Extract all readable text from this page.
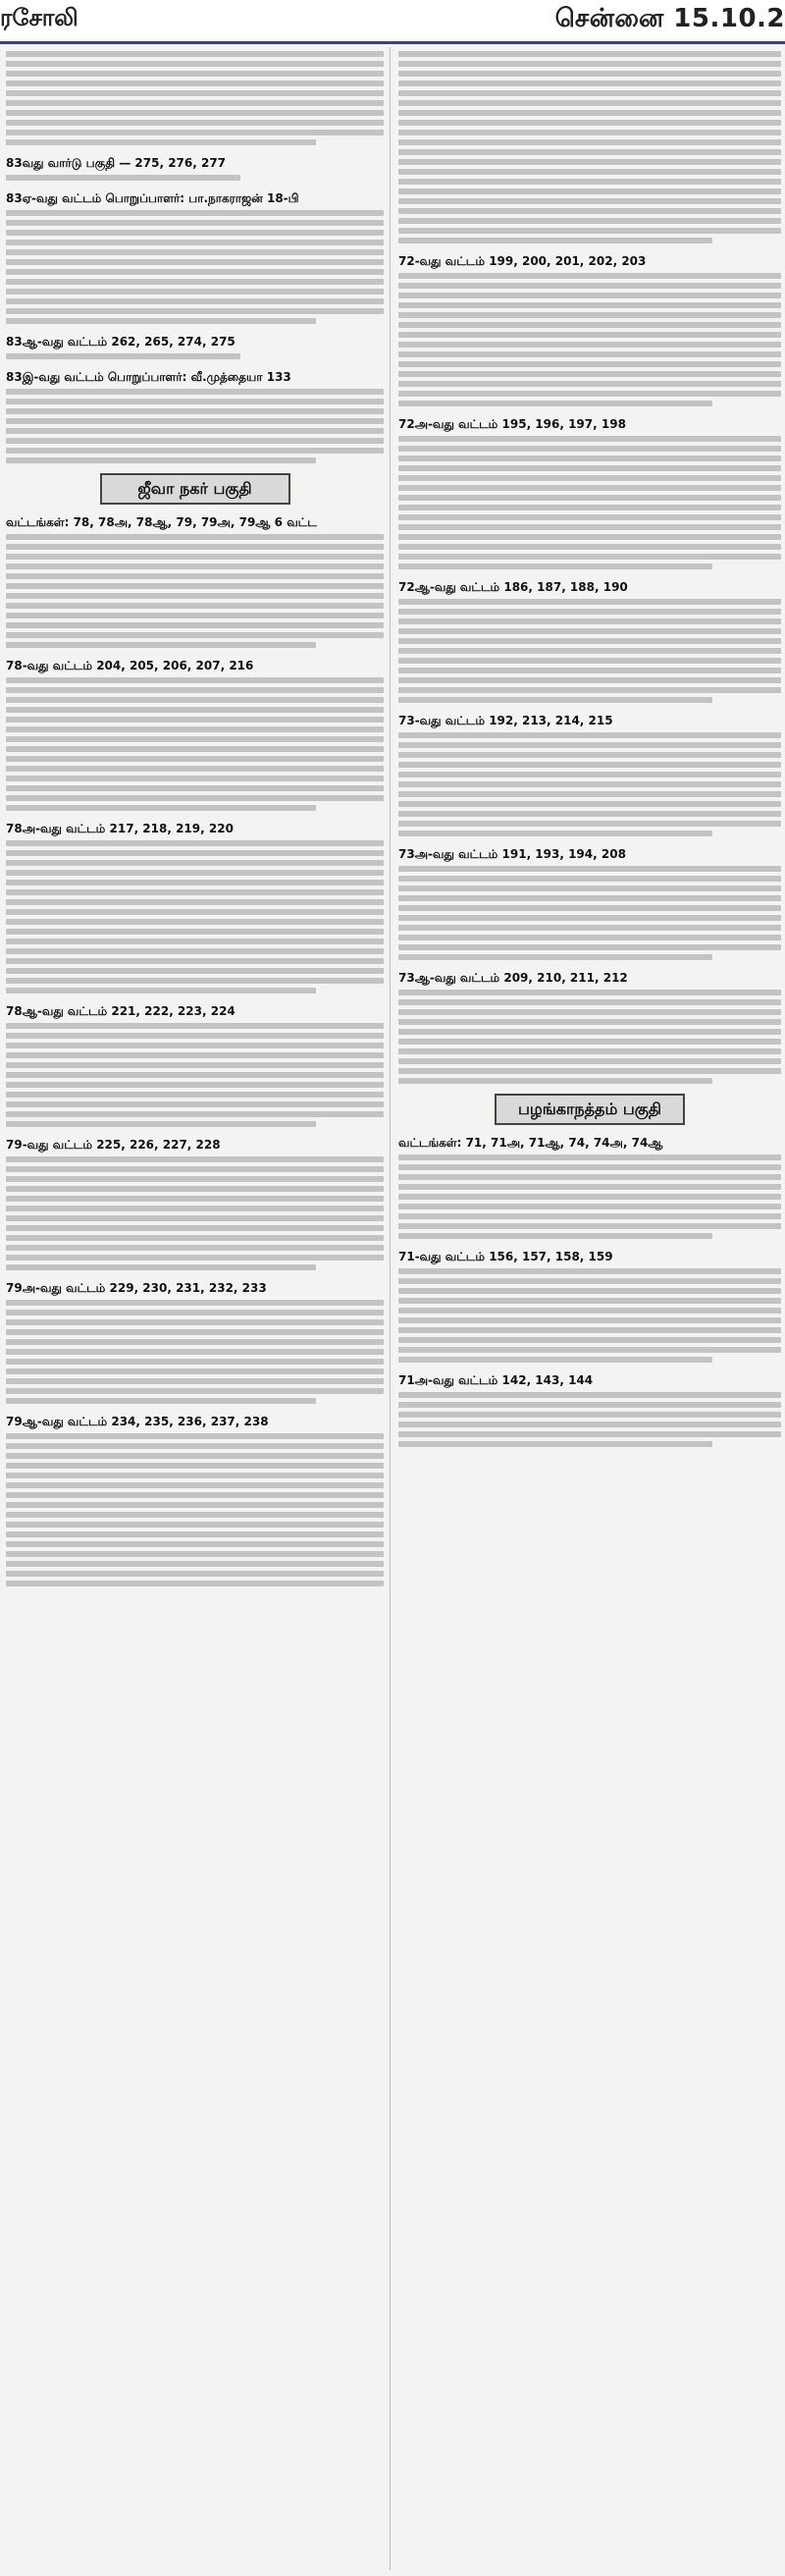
ரசோலி	சென்னை 15.10.2
83வது வார்டு பகுதி — 275, 276, 277
83ஏ-வது வட்டம் பொறுப்பாளர்: பா.நாகராஜன் 18-பி
83ஆ-வது வட்டம் 262, 265, 274, 275
83இ-வது வட்டம் பொறுப்பாளர்: வீ.முத்தையா 133
ஜீவா நகர் பகுதி
வட்டங்கள்: 78, 78அ, 78ஆ, 79, 79அ, 79ஆ 6 வட்ட
78-வது வட்டம் 204, 205, 206, 207, 216
78அ-வது வட்டம் 217, 218, 219, 220
78ஆ-வது வட்டம் 221, 222, 223, 224
79-வது வட்டம் 225, 226, 227, 228
79அ-வது வட்டம் 229, 230, 231, 232, 233
79ஆ-வது வட்டம் 234, 235, 236, 237, 238
72-வது வட்டம் 199, 200, 201, 202, 203
72அ-வது வட்டம் 195, 196, 197, 198
72ஆ-வது வட்டம் 186, 187, 188, 190
73-வது வட்டம் 192, 213, 214, 215
73அ-வது வட்டம் 191, 193, 194, 208
73ஆ-வது வட்டம் 209, 210, 211, 212
பழங்காநத்தம் பகுதி
வட்டங்கள்: 71, 71அ, 71ஆ, 74, 74அ, 74ஆ
71-வது வட்டம் 156, 157, 158, 159
71அ-வது வட்டம் 142, 143, 144
